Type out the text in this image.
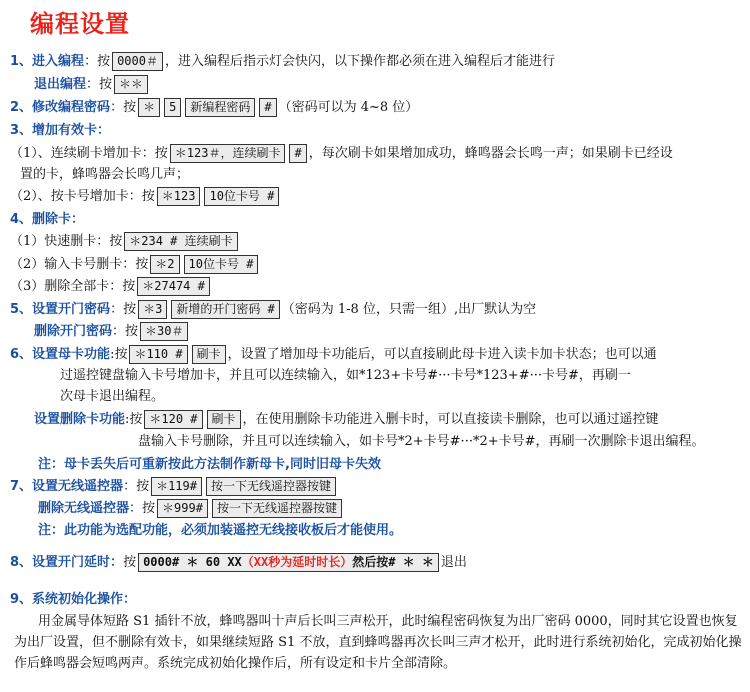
编程设置
1、进入编程：按 0000＃ ，进入编程后指示灯会快闪，以下操作都必须在进入编程后才能进行
退出编程：按 ＊＊
2、修改编程密码：按 ＊ 5 新编程密码 # （密码可以为 4~8 位）
3、增加有效卡：
（1）、连续刷卡增加卡：按 ＊123＃，连续刷卡 # ，每次刷卡如果增加成功，蜂鸣器会长鸣一声；如果刷卡已经设
置的卡，蜂鸣器会长鸣几声；
（2）、按卡号增加卡：按 ＊123 10位卡号 #
4、删除卡：
（1）快速删卡：按 ＊234 # 连续刷卡
（2）输入卡号删卡：按 ＊2 10位卡号 #
（3）删除全部卡：按 ＊27474 #
5、设置开门密码：按 ＊3 新增的开门密码 # （密码为 1-8 位，只需一组）,出厂默认为空
删除开门密码：按 ＊30＃
6、设置母卡功能:按 ＊110 # 刷卡 ，设置了增加母卡功能后，可以直接刷此母卡进入读卡加卡状态；也可以通
过遥控键盘输入卡号增加卡，并且可以连续输入，如*123+卡号#···卡号*123+#···卡号#，再刷一
次母卡退出编程。
设置删除卡功能:按 ＊120 # 刷卡 ，在使用删除卡功能进入删卡时，可以直接读卡删除，也可以通过遥控键
盘输入卡号删除，并且可以连续输入，如卡号*2+卡号#···*2+卡号#，再刷一次删除卡退出编程。
注：母卡丢失后可重新按此方法制作新母卡,同时旧母卡失效
7、设置无线遥控器：按 ＊119# 按一下无线遥控器按键
删除无线遥控器：按 ＊999# 按一下无线遥控器按键
注：此功能为选配功能，必须加装遥控无线接收板后才能使用。
8、设置开门延时：按 0000# ＊ 60 XX（XX秒为延时时长）然后按# ＊ ＊ 退出
9、系统初始化操作：
用金属导体短路 S1 插针不放，蜂鸣器叫十声后长叫三声松开，此时编程密码恢复为出厂密码 0000，同时其它设置也恢复为出厂设置，但不删除有效卡，如果继续短路 S1 不放，直到蜂鸣器再次长叫三声才松开，此时进行系统初始化，完成初始化操作后蜂鸣器会短鸣两声。系统完成初始化操作后，所有设定和卡片全部清除。
